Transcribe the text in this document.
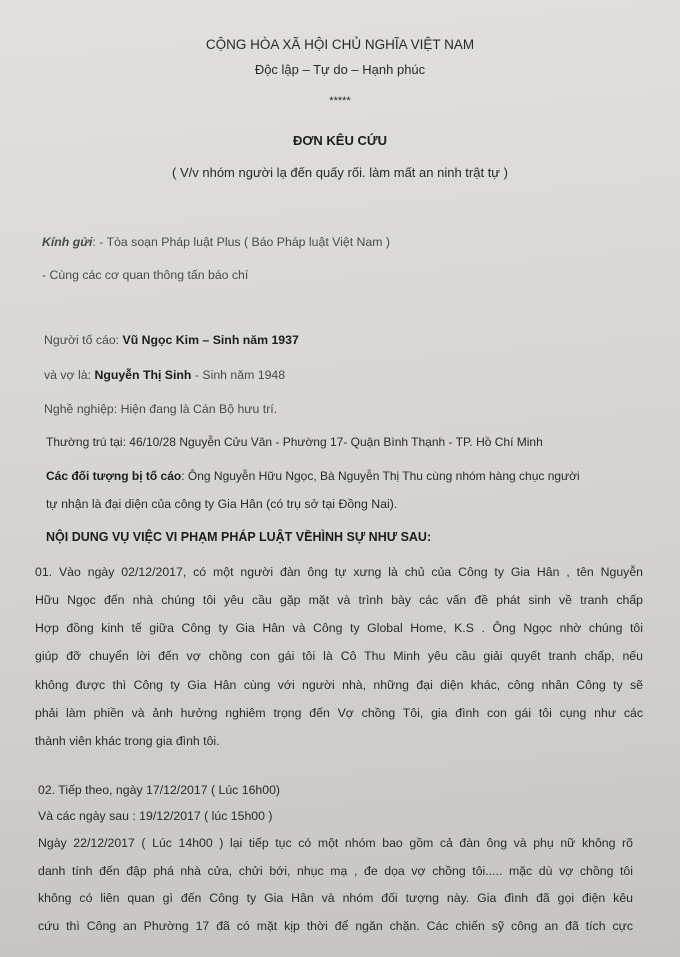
CỘNG HÒA XÃ HỘI CHỦ NGHĨA VIỆT NAM
Độc lập – Tự do – Hạnh phúc
*****
ĐƠN KÊU CỨU
( V/v nhóm người lạ đến quấy rối. làm mất an ninh trật tự )
Kính gửi: - Tòa soạn Pháp luật Plus ( Báo Pháp luật Việt Nam )
- Cùng các cơ quan thông tấn báo chí
Người tố cáo: Vũ Ngọc Kim – Sinh năm 1937
và vợ là: Nguyễn Thị Sinh - Sinh năm 1948
Nghề nghiệp: Hiện đang là Cán Bộ hưu trí.
Thường trú tại: 46/10/28 Nguyễn Cửu Vân - Phường 17- Quận Bình Thạnh - TP. Hồ Chí Minh
Các đối tượng bị tố cáo: Ông Nguyễn Hữu Ngọc, Bà Nguyễn Thị Thu cùng nhóm hàng chục người
tự nhận là đại diện của công ty Gia Hân (có trụ sở tại Đồng Nai).
NỘI DUNG VỤ VIỆC VI PHẠM PHÁP LUẬT VỀHÌNH SỰ NHƯ SAU:
01. Vào ngày 02/12/2017, có một người đàn ông tự xưng là chủ của Công ty Gia Hân , tên Nguyễn
Hữu Ngọc đến nhà chúng tôi yêu cầu gặp mặt và trình bày các vấn đề phát sinh về tranh chấp
Hợp đồng kinh tế giữa Công ty Gia Hân và Công ty Global Home, K.S . Ông Ngọc nhờ chúng tôi
giúp đỡ chuyển lời đến vợ chồng con gái tôi là Cô Thu Minh yêu cầu giải quyết tranh chấp, nếu
không được thì Công ty Gia Hân cùng với người nhà, những đại diện khác, công nhân Công ty sẽ
phải làm phiền và ảnh hưởng nghiêm trọng đến Vợ chồng Tôi, gia đình con gái tôi cụng như các
thành viên khác trong gia đình tôi.
02. Tiếp theo, ngày 17/12/2017 ( Lúc 16h00)
Và các ngày sau : 19/12/2017 ( lúc 15h00 )
Ngày 22/12/2017 ( Lúc 14h00 ) lại tiếp tục có một nhóm bao gồm cả đàn ông và phụ nữ không rõ
danh tính đến đập phá nhà cửa, chửi bới, nhục mạ , đe dọa vợ chồng tôi..... mặc dù vợ chồng tôi
không có liên quan gì đến Công ty Gia Hân và nhóm đối tượng này. Gia đình đã gọi điện kêu
cứu thì Công an Phường 17 đã có mặt kịp thời để ngăn chặn. Các chiến sỹ công an đã tích cực
